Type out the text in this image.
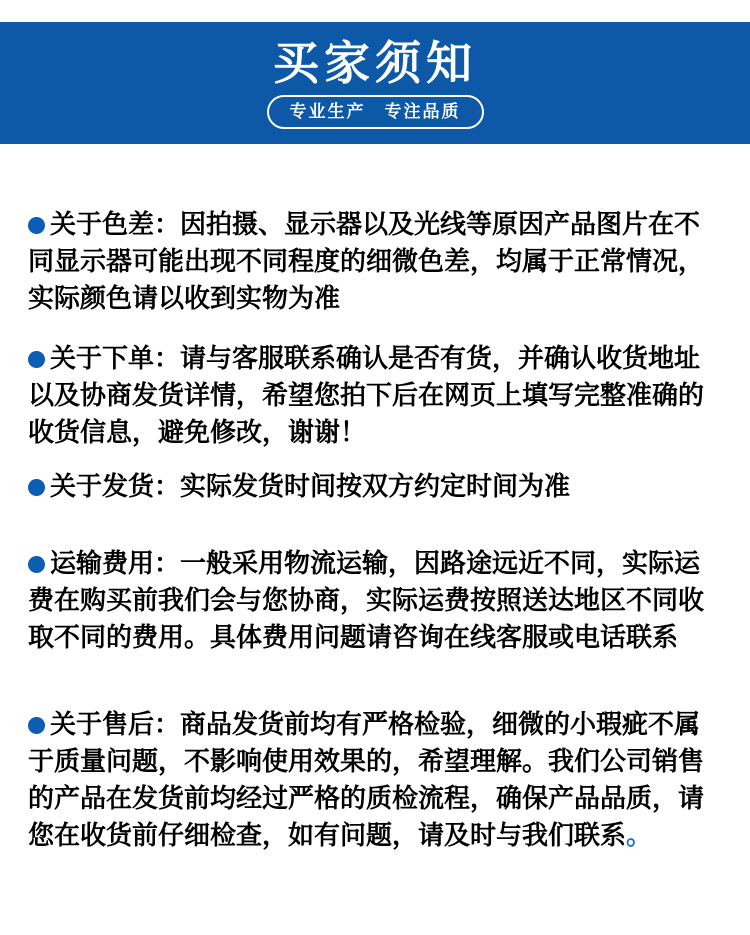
买家须知
专业生产　专注品质
关于色差：因拍摄、显示器以及光线等原因产品图片在不同显示器可能出现不同程度的细微色差，均属于正常情况，实际颜色请以收到实物为准
关于下单：请与客服联系确认是否有货，并确认收货地址以及协商发货详情，希望您拍下后在网页上填写完整准确的收货信息，避免修改，谢谢！
关于发货：实际发货时间按双方约定时间为准
运输费用：一般采用物流运输，因路途远近不同，实际运费在购买前我们会与您协商，实际运费按照送达地区不同收取不同的费用。具体费用问题请咨询在线客服或电话联系
关于售后：商品发货前均有严格检验，细微的小瑕疵不属于质量问题，不影响使用效果的，希望理解。我们公司销售的产品在发货前均经过严格的质检流程，确保产品品质，请您在收货前仔细检查，如有问题，请及时与我们联系。
